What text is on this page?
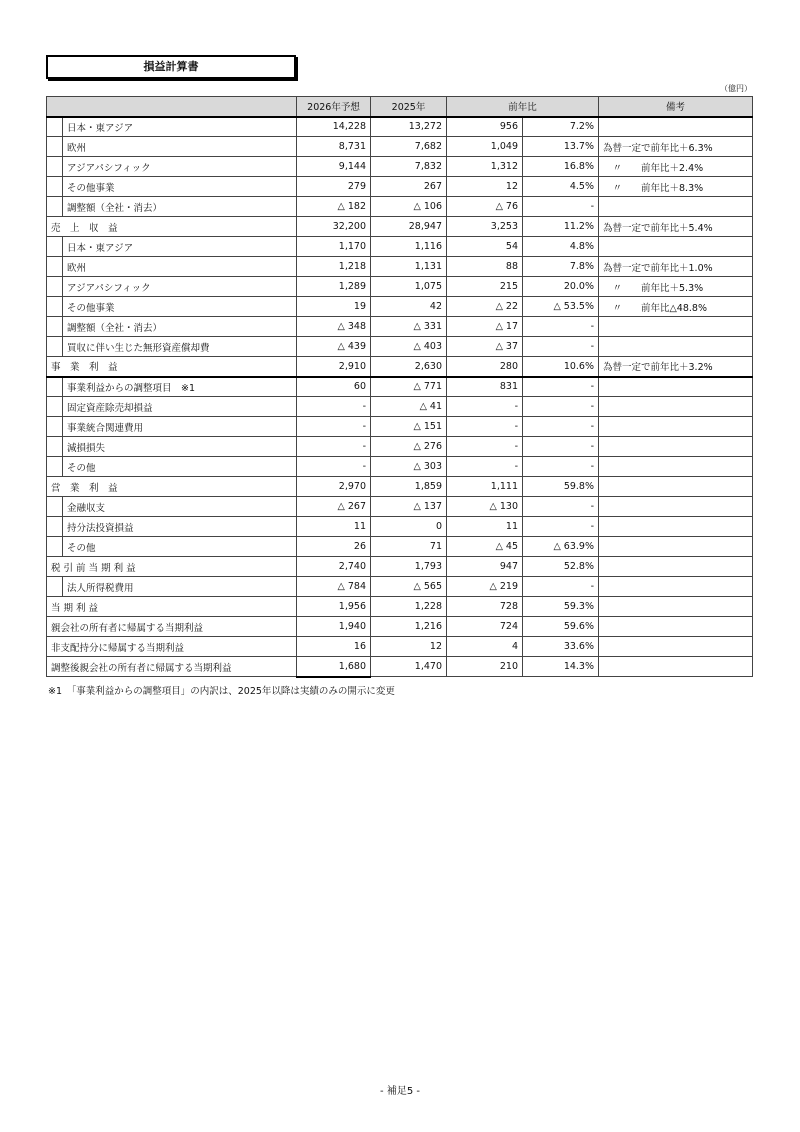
損益計算書
（億円）
		2026年予想	2025年	前年比		備考
	日本・東アジア	14,228	13,272	956	7.2%	
	欧州	8,731	7,682	1,049	13.7%	為替一定で前年比＋6.3%
	アジアパシフィック	9,144	7,832	1,312	16.8%	　〃　　前年比＋2.4%
	その他事業	279	267	12	4.5%	　〃　　前年比＋8.3%
	調整額（全社・消去）	△ 182	△ 106	△ 76	-	
売　上　収　益		32,200	28,947	3,253	11.2%	為替一定で前年比＋5.4%
	日本・東アジア	1,170	1,116	54	4.8%	
	欧州	1,218	1,131	88	7.8%	為替一定で前年比＋1.0%
	アジアパシフィック	1,289	1,075	215	20.0%	　〃　　前年比＋5.3%
	その他事業	19	42	△ 22	△ 53.5%	　〃　　前年比△48.8%
	調整額（全社・消去）	△ 348	△ 331	△ 17	-	
	買収に伴い生じた無形資産償却費	△ 439	△ 403	△ 37	-	
事　業　利　益		2,910	2,630	280	10.6%	為替一定で前年比＋3.2%
	事業利益からの調整項目　※1	60	△ 771	831	-	
	固定資産除売却損益	-	△ 41	-	-	
	事業統合関連費用	-	△ 151	-	-	
	減損損失	-	△ 276	-	-	
	その他	-	△ 303	-	-	
営　業　利　益		2,970	1,859	1,111	59.8%	
	金融収支	△ 267	△ 137	△ 130	-	
	持分法投資損益	11	0	11	-	
	その他	26	71	△ 45	△ 63.9%	
税 引 前 当 期 利 益		2,740	1,793	947	52.8%	
	法人所得税費用	△ 784	△ 565	△ 219	-	
当 期 利 益		1,956	1,228	728	59.3%	
親会社の所有者に帰属する当期利益		1,940	1,216	724	59.6%	
非支配持分に帰属する当期利益		16	12	4	33.6%	
調整後親会社の所有者に帰属する当期利益		1,680	1,470	210	14.3%	
※1　「事業利益からの調整項目」の内訳は、2025年以降は実績のみの開示に変更
- 補足5 -
